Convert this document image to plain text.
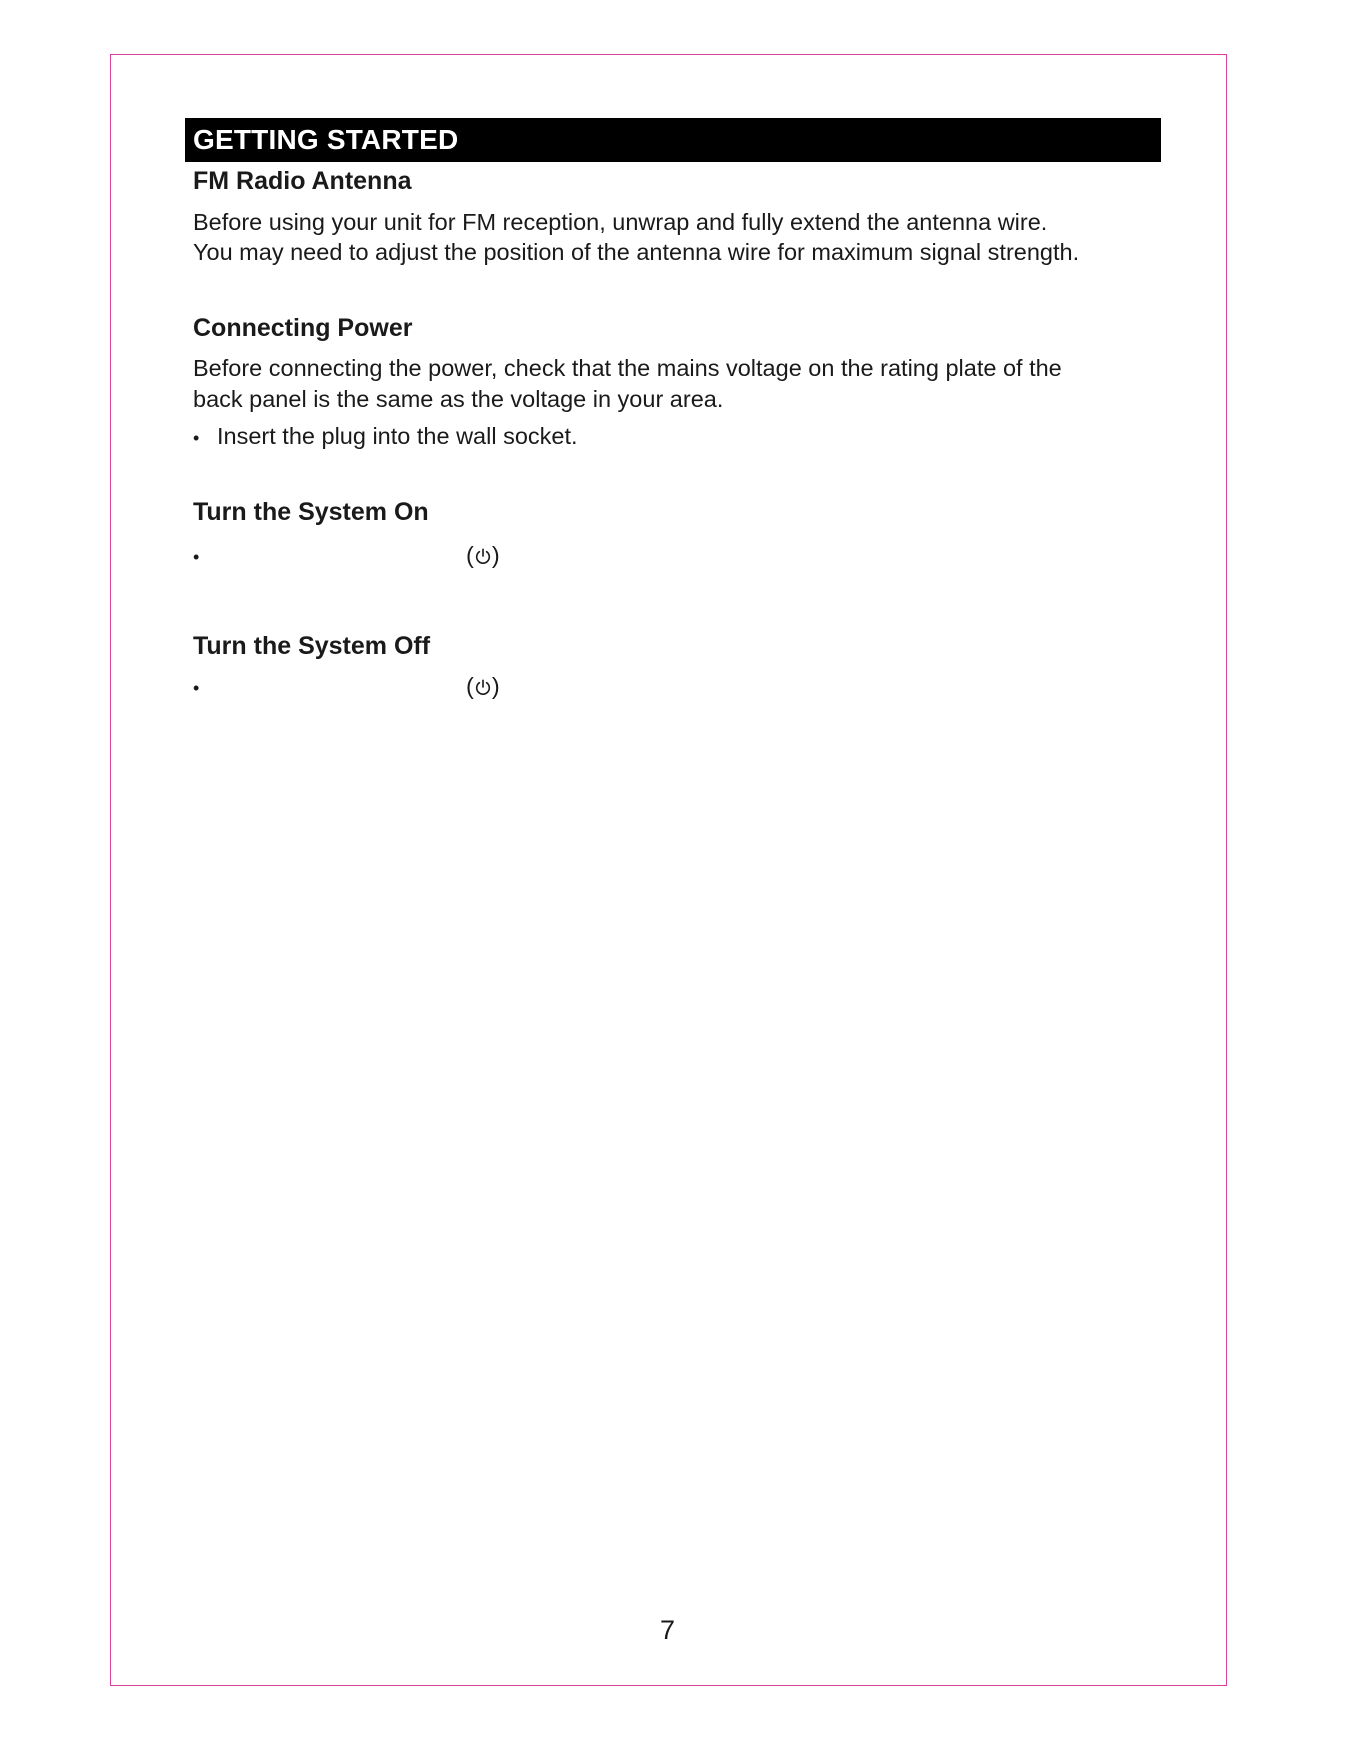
GETTING STARTED
FM Radio Antenna
Before using your unit for FM reception, unwrap and fully extend the antenna wire.
You may need to adjust the position of the antenna wire for maximum signal strength.
Connecting Power
Before connecting the power, check that the mains voltage on the rating plate of the
back panel is the same as the voltage in your area.
• Insert the plug into the wall socket.
Turn the System On
•	( )
Turn the System Off
•	( )
7
